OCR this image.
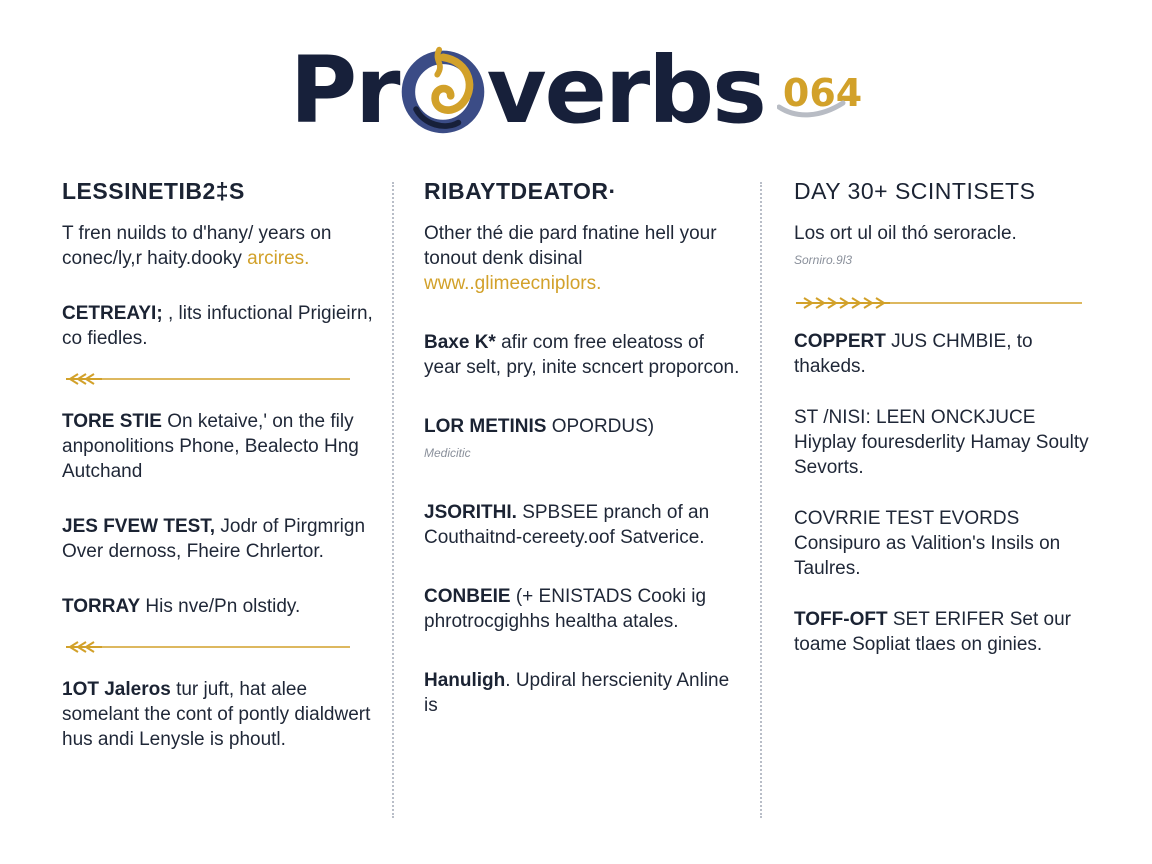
Pr verbs 064
LESSINETIB2‡S

T fren nuilds to d'hany/ years on conec/ly,r haity.dooky arcires.

CETREAYI; , lits infuctional Prigieirn, co fiedles.

TORE STIE On ketaive,' on the fily anponolitions Phone, Bealecto Hng Autchand

JES FVEW TEST, Jodr of Pirgmrign Over dernoss, Fheire Chrlertor.

TORRAY His nve/Pn olstidy.

1OT Jaleros tur juft, hat alee somelant the cont of pontly dialdwert hus andi Lenysle is phoutl.

RIBAYTDEATOR·

Other thé die pard fnatine hell your tonout denk disinal www..glimeecniplors.

Baxe K* afir com free eleatoss of year selt, pry, inite scncert proporcon.

LOR METINIS OPORDUS)
Medicitic

JSORITHI. SPBSEE pranch of an Couthaitnd-cereety.oof Satverice.

CONBEIE (+ ENISTADS Cooki ig phrotrocgighhs healtha atales.

Hanuligh. Updiral herscienity Anline is

DAY 30+ SCINTISETS

Los ort ul oil thó seroracle.
Sorniro.9l3

COPPERT JUS CHMBIE, to thakeds.

ST /NISI: LEEN ONCKJUCE Hiyplay fouresderlity Hamay Soulty Sevorts.

COVRRIE TEST EVORDS Consipuro as Valition's Insils on Taulres.

TOFF-OFT SET ERIFER Set our toame Sopliat tlaes on ginies.
